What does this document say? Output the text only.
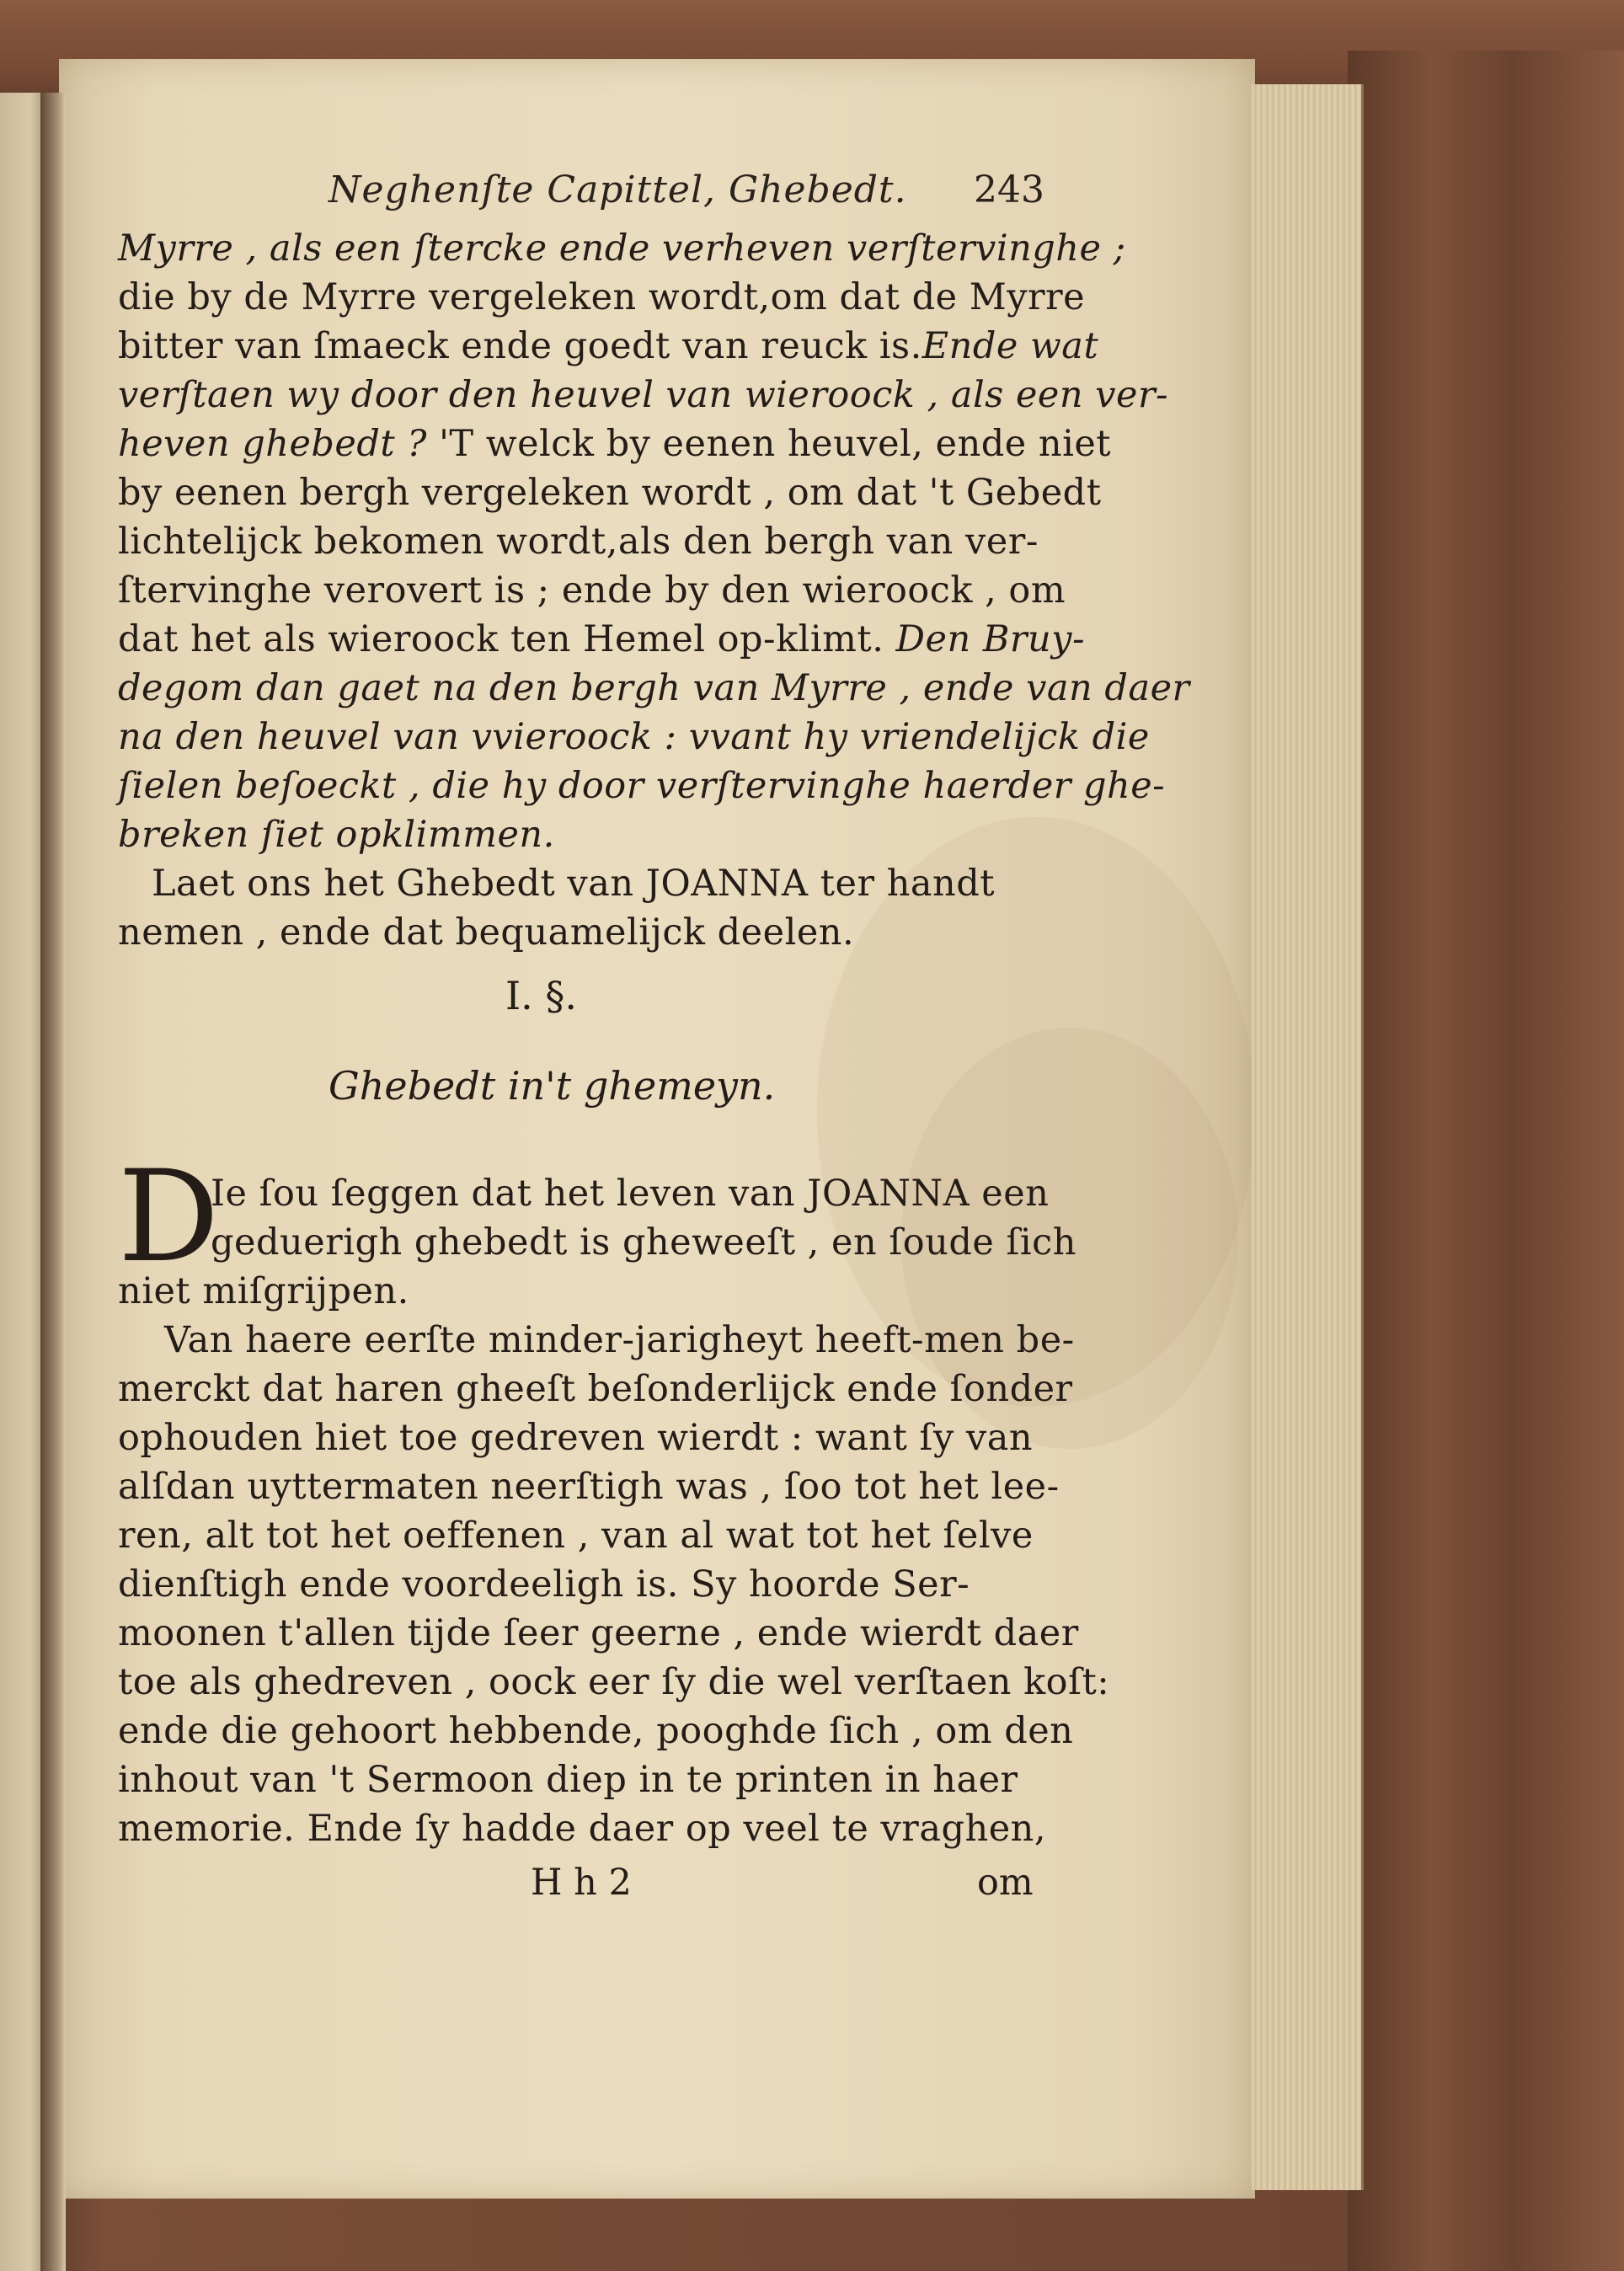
Neghenſte Capittel, Ghebedt. 243
Myrre , als een ſtercke ende verheven verſtervinghe ;
die by de Myrre vergeleken wordt,om dat de Myrre
bitter van ſmaeck ende goedt van reuck is.Ende wat
verſtaen wy door den heuvel van wieroock , als een ver-
heven ghebedt ? 'T welck by eenen heuvel, ende niet
by eenen bergh vergeleken wordt , om dat 't Gebedt
lichtelijck bekomen wordt,als den bergh van ver-
ſtervinghe verovert is ; ende by den wieroock , om
dat het als wieroock ten Hemel op-klimt. Den Bruy-
degom dan gaet na den bergh van Myrre , ende van daer
na den heuvel van vvieroock : vvant hy vriendelijck die
ſielen beſoeckt , die hy door verſtervinghe haerder ghe-
breken ſiet opklimmen.
Laet ons het Ghebedt van JOANNA ter handt
nemen , ende dat bequamelijck deelen.
I. §.
Ghebedt in't ghemeyn.
D
Ie ſou ſeggen dat het leven van JOANNA een
geduerigh ghebedt is gheweeſt , en ſoude ſich
niet miſgrijpen.
Van haere eerſte minder-jarigheyt heeft-men be-
merckt dat haren gheeſt beſonderlijck ende ſonder
ophouden hiet toe gedreven wierdt : want ſy van
alſdan uyttermaten neerſtigh was , ſoo tot het lee-
ren, alt tot het oeffenen , van al wat tot het ſelve
dienſtigh ende voordeeligh is. Sy hoorde Ser-
moonen t'allen tijde ſeer geerne , ende wierdt daer
toe als ghedreven , oock eer ſy die wel verſtaen koſt:
ende die gehoort hebbende, pooghde ſich , om den
inhout van 't Sermoon diep in te printen in haer
memorie. Ende ſy hadde daer op veel te vraghen,
H h 2	om
